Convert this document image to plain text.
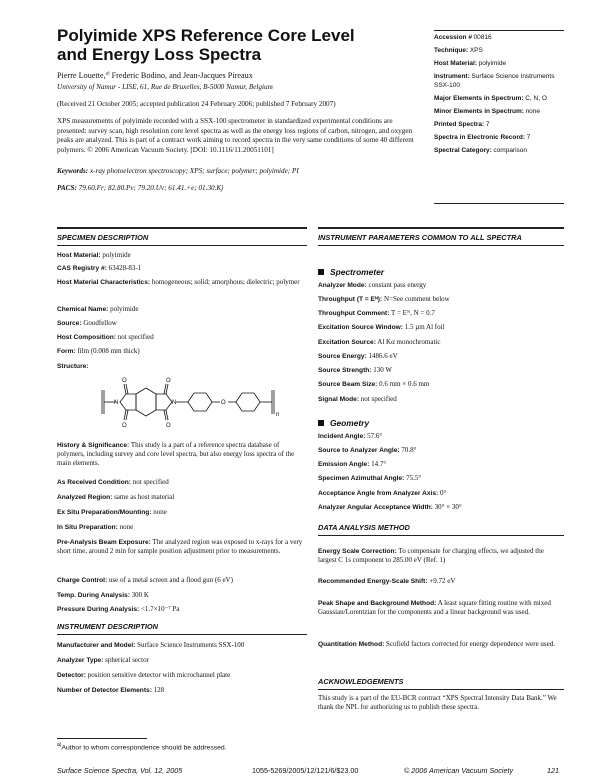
Polyimide XPS Reference Core Level and Energy Loss Spectra
Pierre Louette,$^{a)}$ Frederic Bodino, and Jean-Jacques Pireaux
University of Namur - LISE, 61, Rue de Bruxelles, B-5000 Namur, Belgium
(Received 21 October 2005; accepted publication 24 February 2006; published 7 February 2007)
XPS measurements of polyimide recorded with a SSX-100 spectrometer in standardized experimental conditions are presented: survey scan, high resolution core level spectra as well as the energy loss regions of carbon, nitrogen, and oxygen peaks are analyzed. This is part of a contract work aiming to record spectra in the very same conditions of some 40 different polymers. © 2006 American Vacuum Society. [DOI: 10.1116/11.20051101]
Keywords: x-ray photoelectron spectroscopy; XPS; surface; polymer; polyimide; PI
PACS: 79.60.Fr; 82.80.Pv; 79.20.Uv; 61.41.+e; 01.30.Kj
Accession # 00816
Technique: XPS
Host Material: polyimide
Instrument: Surface Science Instruments SSX-100
Major Elements in Spectrum: C, N, O
Minor Elements in Spectrum: none
Printed Spectra: 7
Spectra in Electronic Record: 7
Spectral Category: comparison
SPECIMEN DESCRIPTION
Host Material: polyimide
CAS Registry #: 63428-83-1
Host Material Characteristics: homogeneous; solid; amorphous; dielectric; polymer
Chemical Name: polyimide
Source: Goodfellow
Host Composition: not specified
Form: film (0.008 mm thick)
Structure:
N	N	O
O
O
O
O
n
History & Significance: This study is a part of a reference spectra database of polymers, including survey and core level spectra, but also energy loss spectra of the main elements.
As Received Condition: not specified
Analyzed Region: same as host material
Ex Situ Preparation/Mounting: none
In Situ Preparation: none
Pre-Analysis Beam Exposure: The analyzed region was exposed to x-rays for a very short time, around 2 min for sample position adjustment prior to measurements.
Charge Control: use of a metal screen and a flood gun (6 eV)
Temp. During Analysis: 300 K
Pressure During Analysis: <1.7×10⁻⁷ Pa
INSTRUMENT DESCRIPTION
Manufacturer and Model: Surface Science Instruments SSX-100
Analyzer Type: spherical sector
Detector: position sensitive detector with microchannel plate
Number of Detector Elements: 128
$^{a)}$Author to whom correspondence should be addressed.
INSTRUMENT PARAMETERS COMMON TO ALL SPECTRA
Spectrometer
Analyzer Mode: constant pass energy
Throughput (T = Eᴺ): N=See comment below
Throughput Comment: T = Eᴺ, N = 0.7
Excitation Source Window: 1.5 µm Al foil
Excitation Source: Al Kα monochromatic
Source Energy: 1486.6 eV
Source Strength: 130 W
Source Beam Size: 0.6 mm × 0.6 mm
Signal Mode: not specified
Geometry
Incident Angle: 57.6°
Source to Analyzer Angle: 70.8°
Emission Angle: 14.7°
Specimen Azimuthal Angle: 75.5°
Acceptance Angle from Analyzer Axis: 0°
Analyzer Angular Acceptance Width: 30° × 30°
DATA ANALYSIS METHOD
Energy Scale Correction: To compensate for charging effects, we adjusted the largest C 1s component to 285.00 eV (Ref. 1)
Recommended Energy-Scale Shift: +9.72 eV
Peak Shape and Background Method: A least square fitting routine with mixed Gaussian/Lorentzian for the components and a linear background was used.
Quantitation Method: Scofield factors corrected for energy dependence were used.
ACKNOWLEDGEMENTS
This study is a part of the EU-BCR contract “XPS Spectral Intensity Data Bank.” We thank the NPL for authorizing us to publish these spectra.
Surface Science Spectra, Vol. 12, 2005	1055-5269/2005/12/121/6/$23.00	© 2006 American Vacuum Society	121
